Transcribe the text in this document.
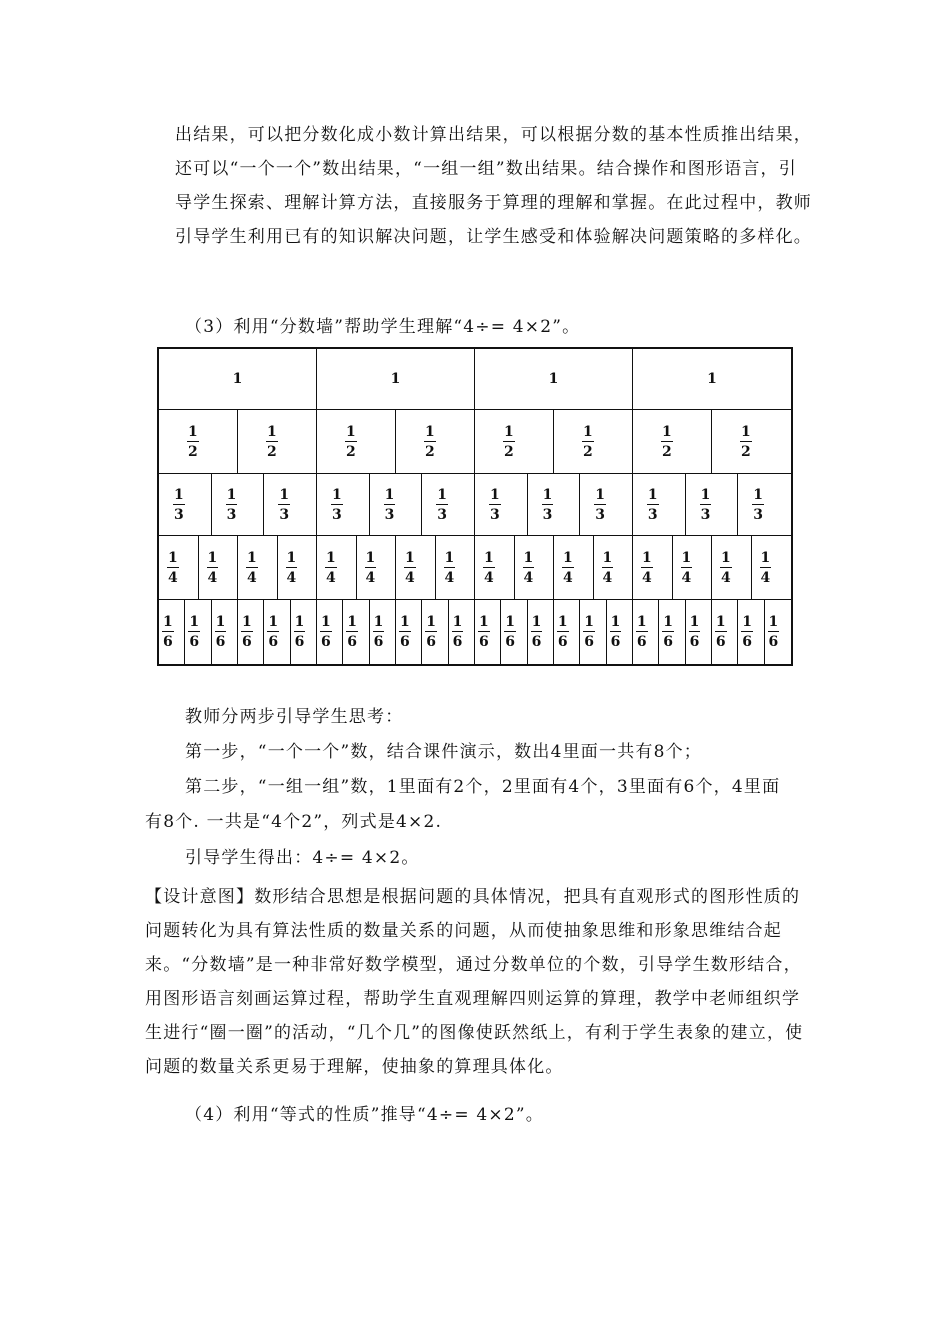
出结果，可以把分数化成小数计算出结果，可以根据分数的基本性质推出结果，还可以“一个一个”数出结果，“一组一组”数出结果。结合操作和图形语言，引导学生探索、理解计算方法，直接服务于算理的理解和掌握。在此过程中，教师引导学生利用已有的知识解决问题，让学生感受和体验解决问题策略的多样化。
（3）利用“分数墙”帮助学生理解“4÷= 4×2”。
1	1	1	1
$\frac{1}{2}$	$\frac{1}{2}$	$\frac{1}{2}$	$\frac{1}{2}$	$\frac{1}{2}$	$\frac{1}{2}$	$\frac{1}{2}$	$\frac{1}{2}$
$\frac{1}{3}$	$\frac{1}{3}$	$\frac{1}{3}$	$\frac{1}{3}$	$\frac{1}{3}$	$\frac{1}{3}$	$\frac{1}{3}$	$\frac{1}{3}$	$\frac{1}{3}$	$\frac{1}{3}$	$\frac{1}{3}$	$\frac{1}{3}$
$\frac{1}{4} \frac{1}{4} \frac{1}{4} \frac{1}{4} \frac{1}{4} \frac{1}{4} \frac{1}{4} \frac{1}{4} \frac{1}{4} \frac{1}{4} \frac{1}{4} \frac{1}{4} \frac{1}{4} \frac{1}{4} \frac{1}{4} \frac{1}{4}$
$\frac{1}{6} \frac{1}{6} \frac{1}{6} \frac{1}{6} \frac{1}{6} \frac{1}{6} \frac{1}{6} \frac{1}{6} \frac{1}{6} \frac{1}{6} \frac{1}{6} \frac{1}{6} \frac{1}{6} \frac{1}{6} \frac{1}{6} \frac{1}{6} \frac{1}{6} \frac{1}{6} \frac{1}{6} \frac{1}{6} \frac{1}{6} \frac{1}{6} \frac{1}{6} \frac{1}{6}$
教师分两步引导学生思考：
第一步，“一个一个”数，结合课件演示，数出4里面一共有8个；
第二步，“一组一组”数，1里面有2个，2里面有4个，3里面有6个，4里面
有8个. 一共是“4个2”，列式是4×2.
引导学生得出：4÷= 4×2。
【设计意图】数形结合思想是根据问题的具体情况，把具有直观形式的图形性质的问题转化为具有算法性质的数量关系的问题，从而使抽象思维和形象思维结合起来。“分数墙”是一种非常好数学模型，通过分数单位的个数，引导学生数形结合，用图形语言刻画运算过程，帮助学生直观理解四则运算的算理，教学中老师组织学生进行“圈一圈”的活动，“几个几”的图像使跃然纸上，有利于学生表象的建立，使问题的数量关系更易于理解，使抽象的算理具体化。
（4）利用“等式的性质”推导“4÷= 4×2”。
